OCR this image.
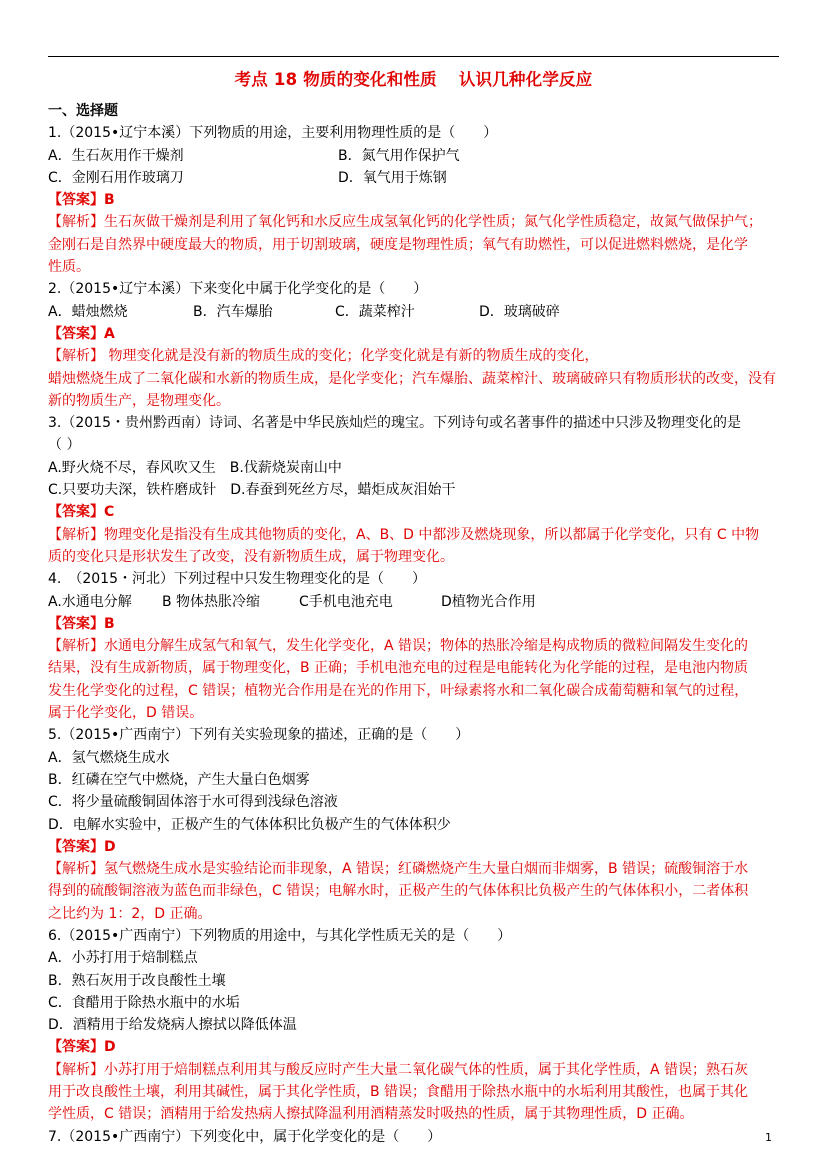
考点 18 物质的变化和性质 认识几种化学反应
一、选择题
1.（2015•辽宁本溪）下列物质的用途，主要利用物理性质的是（　　）
A．生石灰用作干燥剂	B．氮气用作保护气
C．金刚石用作玻璃刀	D．氧气用于炼钢
【答案】B
【解析】生石灰做干燥剂是利用了氧化钙和水反应生成氢氧化钙的化学性质；氮气化学性质稳定，故氮气做保护气；
金刚石是自然界中硬度最大的物质，用于切割玻璃，硬度是物理性质；氧气有助燃性，可以促进燃料燃烧，是化学
性质。
2.（2015•辽宁本溪）下来变化中属于化学变化的是（　　）
A．蜡烛燃烧	B．汽车爆胎	C．蔬菜榨汁	D．玻璃破碎
【答案】A
【解析】 物理变化就是没有新的物质生成的变化；化学变化就是有新的物质生成的变化，
蜡烛燃烧生成了二氧化碳和水新的物质生成，是化学变化；汽车爆胎、蔬菜榨汁、玻璃破碎只有物质形状的改变，没有
新的物质生产，是物理变化。
3.（2015・贵州黔西南）诗词、名著是中华民族灿烂的瑰宝。下列诗句或名著事件的描述中只涉及物理变化的是
（ ）
A.野火烧不尽，春风吹又生　B.伐薪烧炭南山中
C.只要功夫深，铁杵磨成针　D.春蚕到死丝方尽，蜡炬成灰泪始干
【答案】C
【解析】物理变化是指没有生成其他物质的变化，A、B、D 中都涉及燃烧现象，所以都属于化学变化，只有 C 中物
质的变化只是形状发生了改变，没有新物质生成，属于物理变化。
4.　（2015・河北）下列过程中只发生物理变化的是（　　）
A.水通电分解 B 物体热胀冷缩	C手机电池充电	D植物光合作用
【答案】B
【解析】水通电分解生成氢气和氧气，发生化学变化，A 错误；物体的热胀冷缩是构成物质的微粒间隔发生变化的
结果，没有生成新物质，属于物理变化，B 正确；手机电池充电的过程是电能转化为化学能的过程，是电池内物质
发生化学变化的过程，C 错误；植物光合作用是在光的作用下，叶绿素将水和二氧化碳合成葡萄糖和氧气的过程，
属于化学变化，D 错误。
5.（2015•广西南宁）下列有关实验现象的描述，正确的是（　　）
A．氢气燃烧生成水
B．红磷在空气中燃烧，产生大量白色烟雾
C．将少量硫酸铜固体溶于水可得到浅绿色溶液
D．电解水实验中，正极产生的气体体积比负极产生的气体体积少
【答案】D
【解析】氢气燃烧生成水是实验结论而非现象，A 错误；红磷燃烧产生大量白烟而非烟雾，B 错误；硫酸铜溶于水
得到的硫酸铜溶液为蓝色而非绿色，C 错误；电解水时，正极产生的气体体积比负极产生的气体体积小，二者体积
之比约为 1：2，D 正确。
6.（2015•广西南宁）下列物质的用途中，与其化学性质无关的是（　　）
A．小苏打用于焙制糕点
B．熟石灰用于改良酸性土壤
C．食醋用于除热水瓶中的水垢
D．酒精用于给发烧病人擦拭以降低体温
【答案】D
【解析】小苏打用于焙制糕点利用其与酸反应时产生大量二氧化碳气体的性质，属于其化学性质，A 错误；熟石灰
用于改良酸性土壤，利用其碱性，属于其化学性质，B 错误；食醋用于除热水瓶中的水垢利用其酸性，也属于其化
学性质，C 错误；酒精用于给发热病人擦拭降温利用酒精蒸发时吸热的性质，属于其物理性质，D 正确。
7.（2015•广西南宁）下列变化中，属于化学变化的是（　　）	1
